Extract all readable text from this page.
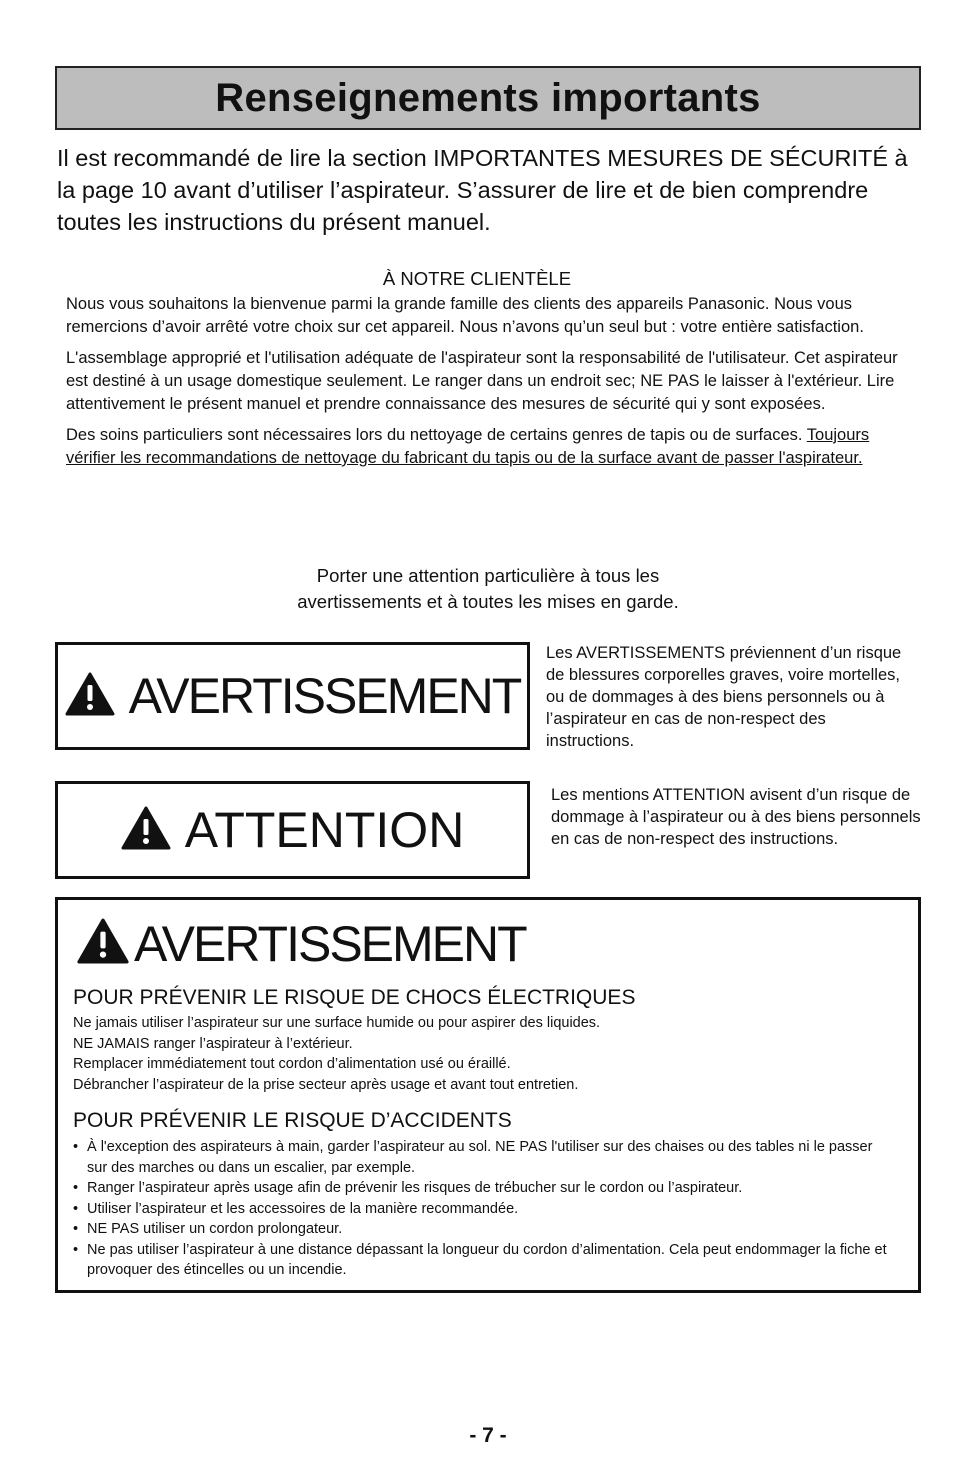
Renseignements importants
Il est recommandé de lire la section IMPORTANTES MESURES DE SÉCURITÉ à la page 10 avant d’utiliser l’aspirateur. S’assurer de lire et de bien comprendre toutes les instructions du présent manuel.
À NOTRE CLIENTÈLE

Nous vous souhaitons la bienvenue parmi la grande famille des clients des appareils Panasonic. Nous vous remercions d’avoir arrêté votre choix sur cet appareil. Nous n’avons qu’un seul but : votre entière satisfaction.

L'assemblage approprié et l'utilisation adéquate de l'aspirateur sont la responsabilité de l'utilisateur. Cet aspirateur est destiné à un usage domestique seulement. Le ranger dans un endroit sec; NE PAS le laisser à l'extérieur. Lire attentivement le présent manuel et prendre connaissance des mesures de sécurité qui y sont exposées.

Des soins particuliers sont nécessaires lors du nettoyage de certains genres de tapis ou de surfaces. Toujours vérifier les recommandations de nettoyage du fabricant du tapis ou de la surface avant de passer l'aspirateur.

Porter une attention particulière à tous les
avertissements et à toutes les mises en garde.
AVERTISSEMENT
Les AVERTISSEMENTS préviennent d’un risque de blessures corporelles graves, voire mortelles, ou de dommages à des biens personnels ou à l’aspirateur en cas de non-respect des instructions.
ATTENTION
Les mentions ATTENTION avisent d’un risque de dommage à l’aspirateur ou à des biens personnels en cas de non-respect des instructions.
AVERTISSEMENT
POUR PRÉVENIR LE RISQUE DE CHOCS ÉLECTRIQUES
Ne jamais utiliser l’aspirateur sur une surface humide ou pour aspirer des liquides.
NE JAMAIS ranger l’aspirateur à l’extérieur.
Remplacer immédiatement tout cordon d’alimentation usé ou éraillé.
Débrancher l’aspirateur de la prise secteur après usage et avant tout entretien.
POUR PRÉVENIR LE RISQUE D’ACCIDENTS
• À l'exception des aspirateurs à main, garder l’aspirateur au sol. NE PAS l'utiliser sur des chaises ou des tables ni le passer sur des marches ou dans un escalier, par exemple.
• Ranger l’aspirateur après usage afin de prévenir les risques de trébucher sur le cordon ou l’aspirateur.
• Utiliser l’aspirateur et les accessoires de la manière recommandée.
• NE PAS utiliser un cordon prolongateur.
• Ne pas utiliser l’aspirateur à une distance dépassant la longueur du cordon d’alimentation. Cela peut endommager la fiche et provoquer des étincelles ou un incendie.
- 7 -
